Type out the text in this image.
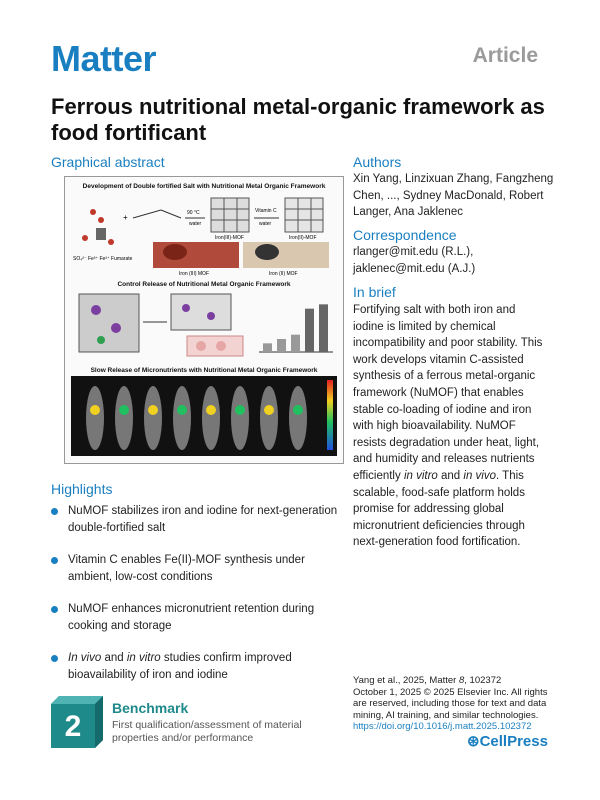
Matter	Article
Ferrous nutritional metal-organic framework as food fortificant
Graphical abstract
Development of Double fortified Salt with Nutritional Metal Organic Framework
+	90 °C
water
Iron(III)-MOF
Vitamin C
water
Iron(II)-MOF
Iron (III) MOF	Iron (II) MOF
SO₄²⁻ Fe³⁺ Fe²⁺ Fumarate
Control Release of Nutritional Metal Organic Framework
Slow Release of Micronutrients with Nutritional Metal Organic Framework
Authors
Xin Yang, Linzixuan Zhang, Fangzheng Chen, ..., Sydney MacDonald, Robert Langer, Ana Jaklenec
Correspondence
rlanger@mit.edu (R.L.),
jaklenec@mit.edu (A.J.)
In brief
Fortifying salt with both iron and iodine is limited by chemical incompatibility and poor stability. This work develops vitamin C-assisted synthesis of a ferrous metal-organic framework (NuMOF) that enables stable co-loading of iodine and iron with high bioavailability. NuMOF resists degradation under heat, light, and humidity and releases nutrients efficiently in vitro and in vivo. This scalable, food-safe platform holds promise for addressing global micronutrient deficiencies through next-generation food fortification.
Highlights
NuMOF stabilizes iron and iodine for next-generation double-fortified salt
Vitamin C enables Fe(II)-MOF synthesis under ambient, low-cost conditions
NuMOF enhances micronutrient retention during cooking and storage
In vivo and in vitro studies confirm improved bioavailability of iron and iodine	Yang et al., 2025, Matter 8, 102372
October 1, 2025 © 2025 Elsevier Inc. All rights are reserved, including those for text and data mining, AI training, and similar technologies.
https://doi.org/10.1016/j.matt.2025.102372
2
Benchmark
First qualification/assessment of material properties and/or performance	⊛CellPress
